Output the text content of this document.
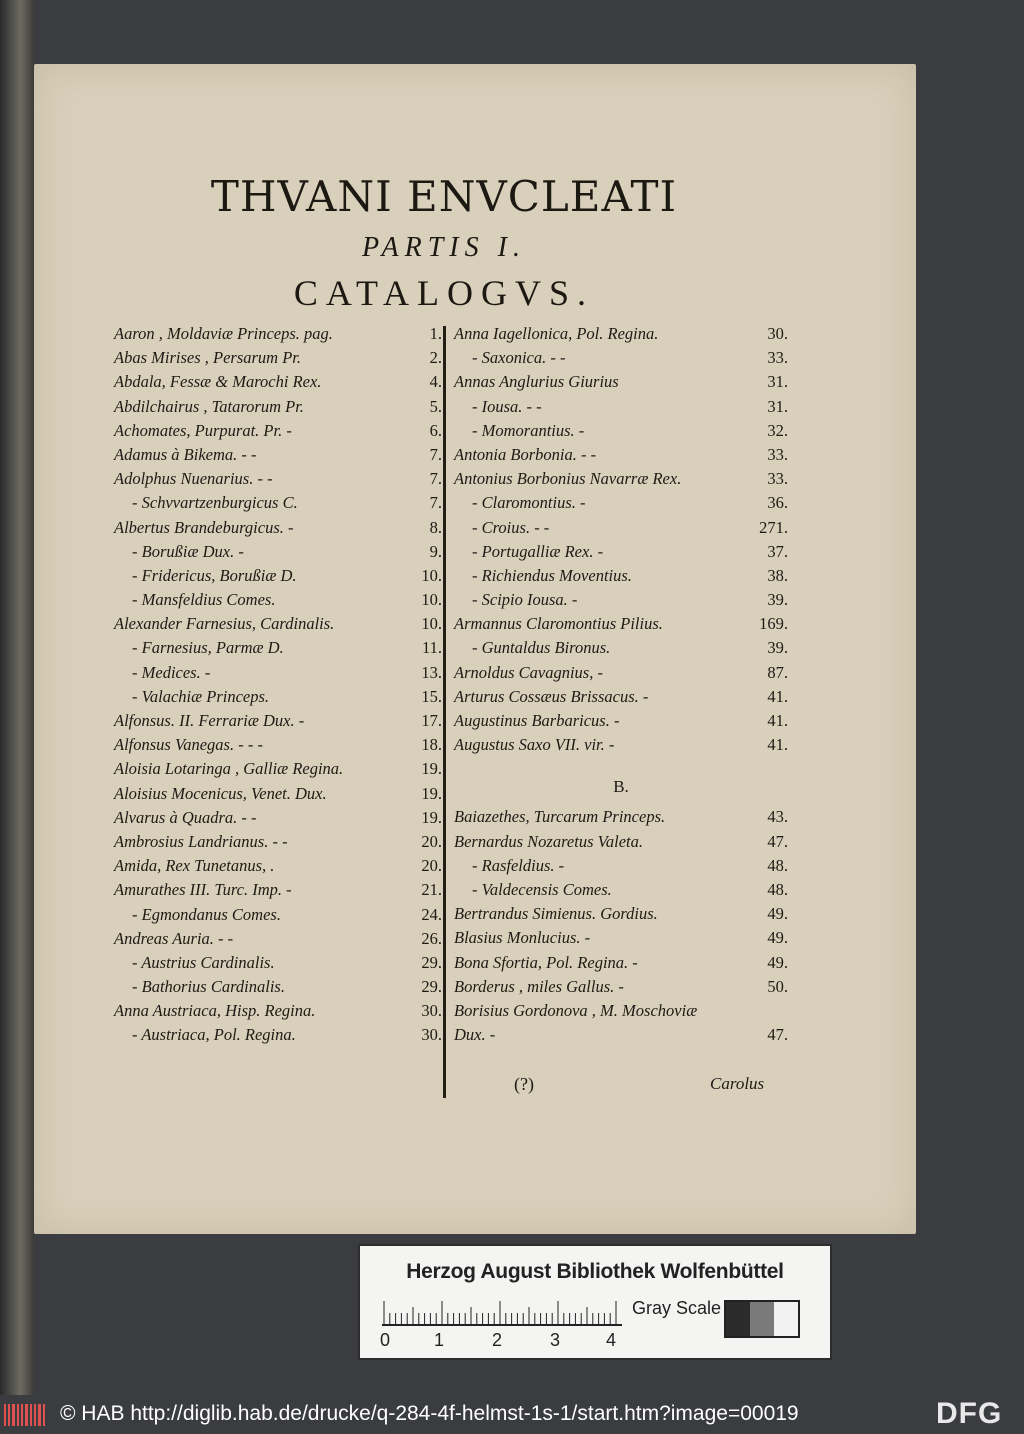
THVANI ENVCLEATI
PARTIS I.
CATALOGVS.
Aaron , Moldaviæ Princeps. pag.	1.
Abas Mirises , Persarum Pr.	2.
Abdala, Fessæ & Marochi Rex.	4.
Abdilchairus , Tatarorum Pr.	5.
Achomates, Purpurat. Pr. -	6.
Adamus à Bikema. - -	7.
Adolphus Nuenarius. - -	7.
- Schvvartzenburgicus C.	7.
Albertus Brandeburgicus. -	8.
- Borußiæ Dux. -	9.
- Fridericus, Borußiæ D.	10.
- Mansfeldius Comes.	10.
Alexander Farnesius, Cardinalis.	10.
- Farnesius, Parmæ D.	11.
- Medices. -	13.
- Valachiæ Princeps.	15.
Alfonsus. II. Ferrariæ Dux. -	17.
Alfonsus Vanegas. - - -	18.
Aloisia Lotaringa , Galliæ Regina.	19.
Aloisius Mocenicus, Venet. Dux.	19.
Alvarus à Quadra. - -	19.
Ambrosius Landrianus. - -	20.
Amida, Rex Tunetanus, .	20.
Amurathes III. Turc. Imp. -	21.
- Egmondanus Comes.	24.
Andreas Auria. - -	26.
- Austrius Cardinalis.	29.
- Bathorius Cardinalis.	29.
Anna Austriaca, Hisp. Regina.	30.
- Austriaca, Pol. Regina.	30.
Anna Iagellonica, Pol. Regina.	30.
- Saxonica. - -	33.
Annas Anglurius Giurius	31.
- Iousa. - -	31.
- Momorantius. -	32.
Antonia Borbonia. - -	33.
Antonius Borbonius Navarræ Rex.	33.
- Claromontius. -	36.
- Croius. - -	271.
- Portugalliæ Rex. -	37.
- Richiendus Moventius.	38.
- Scipio Iousa. -	39.
Armannus Claromontius Pilius.	169.
- Guntaldus Bironus.	39.
Arnoldus Cavagnius, -	87.
Arturus Cossæus Brissacus. -	41.
Augustinus Barbaricus. -	41.
Augustus Saxo VII. vir. -	41.
B.
Baiazethes, Turcarum Princeps.	43.
Bernardus Nozaretus Valeta.	47.
- Rasfeldius. -	48.
- Valdecensis Comes.	48.
Bertrandus Simienus. Gordius.	49.
Blasius Monlucius. -	49.
Bona Sfortia, Pol. Regina. -	49.
Borderus , miles Gallus. -	50.
Borisius Gordonova , M. Moschoviæ
Dux. -	47.
(?)	Carolus
Herzog August Bibliothek Wolfenbüttel
0 1	2	3	4
Gray Scale
© HAB http://diglib.hab.de/drucke/q-284-4f-helmst-1s-1/start.htm?image=00019	DFG
